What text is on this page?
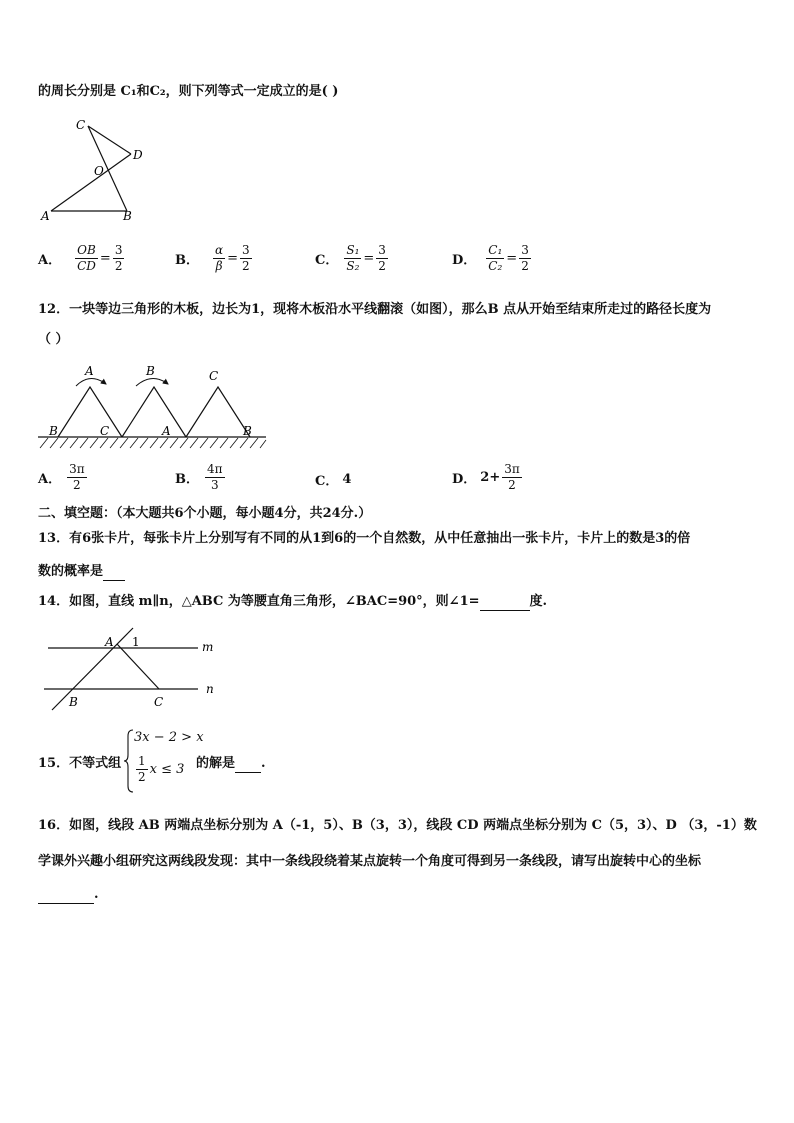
的周长分别是 C₁和C₂，则下列等式一定成立的是( )
C
D
O
A	B
A． $\frac{OB}{CD} = \frac{3}{2}$	B． $\frac{\alpha}{\beta} = \frac{3}{2}$	C． $\frac{\text{S₁}}{\text{S₂}} = \frac{3}{2}$	D． $\frac{\text{C₁}}{\text{C₂}} = \frac{3}{2}$
12．一块等边三角形的木板，边长为1，现将木板沿水平线翻滚（如图），那么B 点从开始至结束所走过的路径长度为
（ ）
A	B	C
B	C	A	B
A． $\frac{3\pi}{2}$	B． $\frac{4\pi}{3}$	C． 4	D． $2+ \frac{3\pi}{2}$
二、填空题：（本大题共6个小题，每小题4分，共24分.）
13．有6张卡片，每张卡片上分别写有不同的从1到6的一个自然数，从中任意抽出一张卡片，卡片上的数是3的倍
数的概率是
14．如图，直线 m∥n，△ABC 为等腰直角三角形，∠BAC=90°，则∠1=	度.
A 1	m
n
B	C
15．不等式组
3x − 2 > x
$\frac{1}{2}$ x ≤ 3 的解是 .
16．如图，线段 AB 两端点坐标分别为 A（-1，5）、B（3，3），线段 CD 两端点坐标分别为 C（5，3）、D （3，-1）数
学课外兴趣小组研究这两线段发现：其中一条线段绕着某点旋转一个角度可得到另一条线段，请写出旋转中心的坐标
.
